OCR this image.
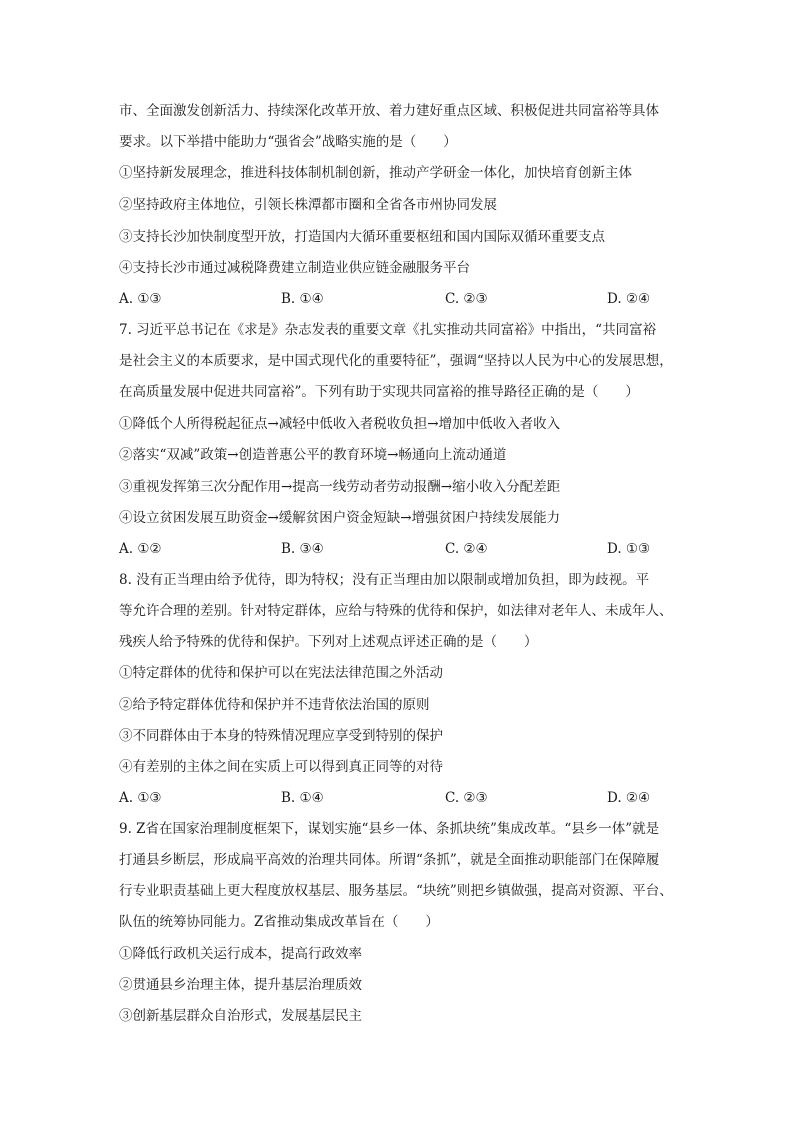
市、全面激发创新活力、持续深化改革开放、着力建好重点区域、积极促进共同富裕等具体
要求。以下举措中能助力“强省会”战略实施的是（　　）
①坚持新发展理念，推进科技体制机制创新，推动产学研金一体化，加快培育创新主体
②坚持政府主体地位，引领长株潭都市圈和全省各市州协同发展
③支持长沙加快制度型开放，打造国内大循环重要枢纽和国内国际双循环重要支点
④支持长沙市通过减税降费建立制造业供应链金融服务平台
A. ①③	B. ①④	C. ②③	D. ②④
7. 习近平总书记在《求是》杂志发表的重要文章《扎实推动共同富裕》中指出，“共同富裕
是社会主义的本质要求，是中国式现代化的重要特征”，强调“坚持以人民为中心的发展思想，
在高质量发展中促进共同富裕”。下列有助于实现共同富裕的推导路径正确的是（　　）
①降低个人所得税起征点→减轻中低收入者税收负担→增加中低收入者收入
②落实“双减”政策→创造普惠公平的教育环境→畅通向上流动通道
③重视发挥第三次分配作用→提高一线劳动者劳动报酬→缩小收入分配差距
④设立贫困发展互助资金→缓解贫困户资金短缺→增强贫困户持续发展能力
A. ①②	B. ③④	C. ②④	D. ①③
8. 没有正当理由给予优待，即为特权；没有正当理由加以限制或增加负担，即为歧视。平
等允许合理的差别。针对特定群体，应给与特殊的优待和保护，如法律对老年人、未成年人、
残疾人给予特殊的优待和保护。下列对上述观点评述正确的是（　　）
①特定群体的优待和保护可以在宪法法律范围之外活动
②给予特定群体优待和保护并不违背依法治国的原则
③不同群体由于本身的特殊情况理应享受到特别的保护
④有差别的主体之间在实质上可以得到真正同等的对待
A. ①③	B. ①④	C. ②③	D. ②④
9. Z省在国家治理制度框架下，谋划实施“县乡一体、条抓块统”集成改革。“县乡一体”就是
打通县乡断层，形成扁平高效的治理共同体。所谓“条抓”，就是全面推动职能部门在保障履
行专业职责基础上更大程度放权基层、服务基层。“块统”则把乡镇做强，提高对资源、平台、
队伍的统筹协同能力。Z省推动集成改革旨在（　　）
①降低行政机关运行成本，提高行政效率
②贯通县乡治理主体，提升基层治理质效
③创新基层群众自治形式，发展基层民主
